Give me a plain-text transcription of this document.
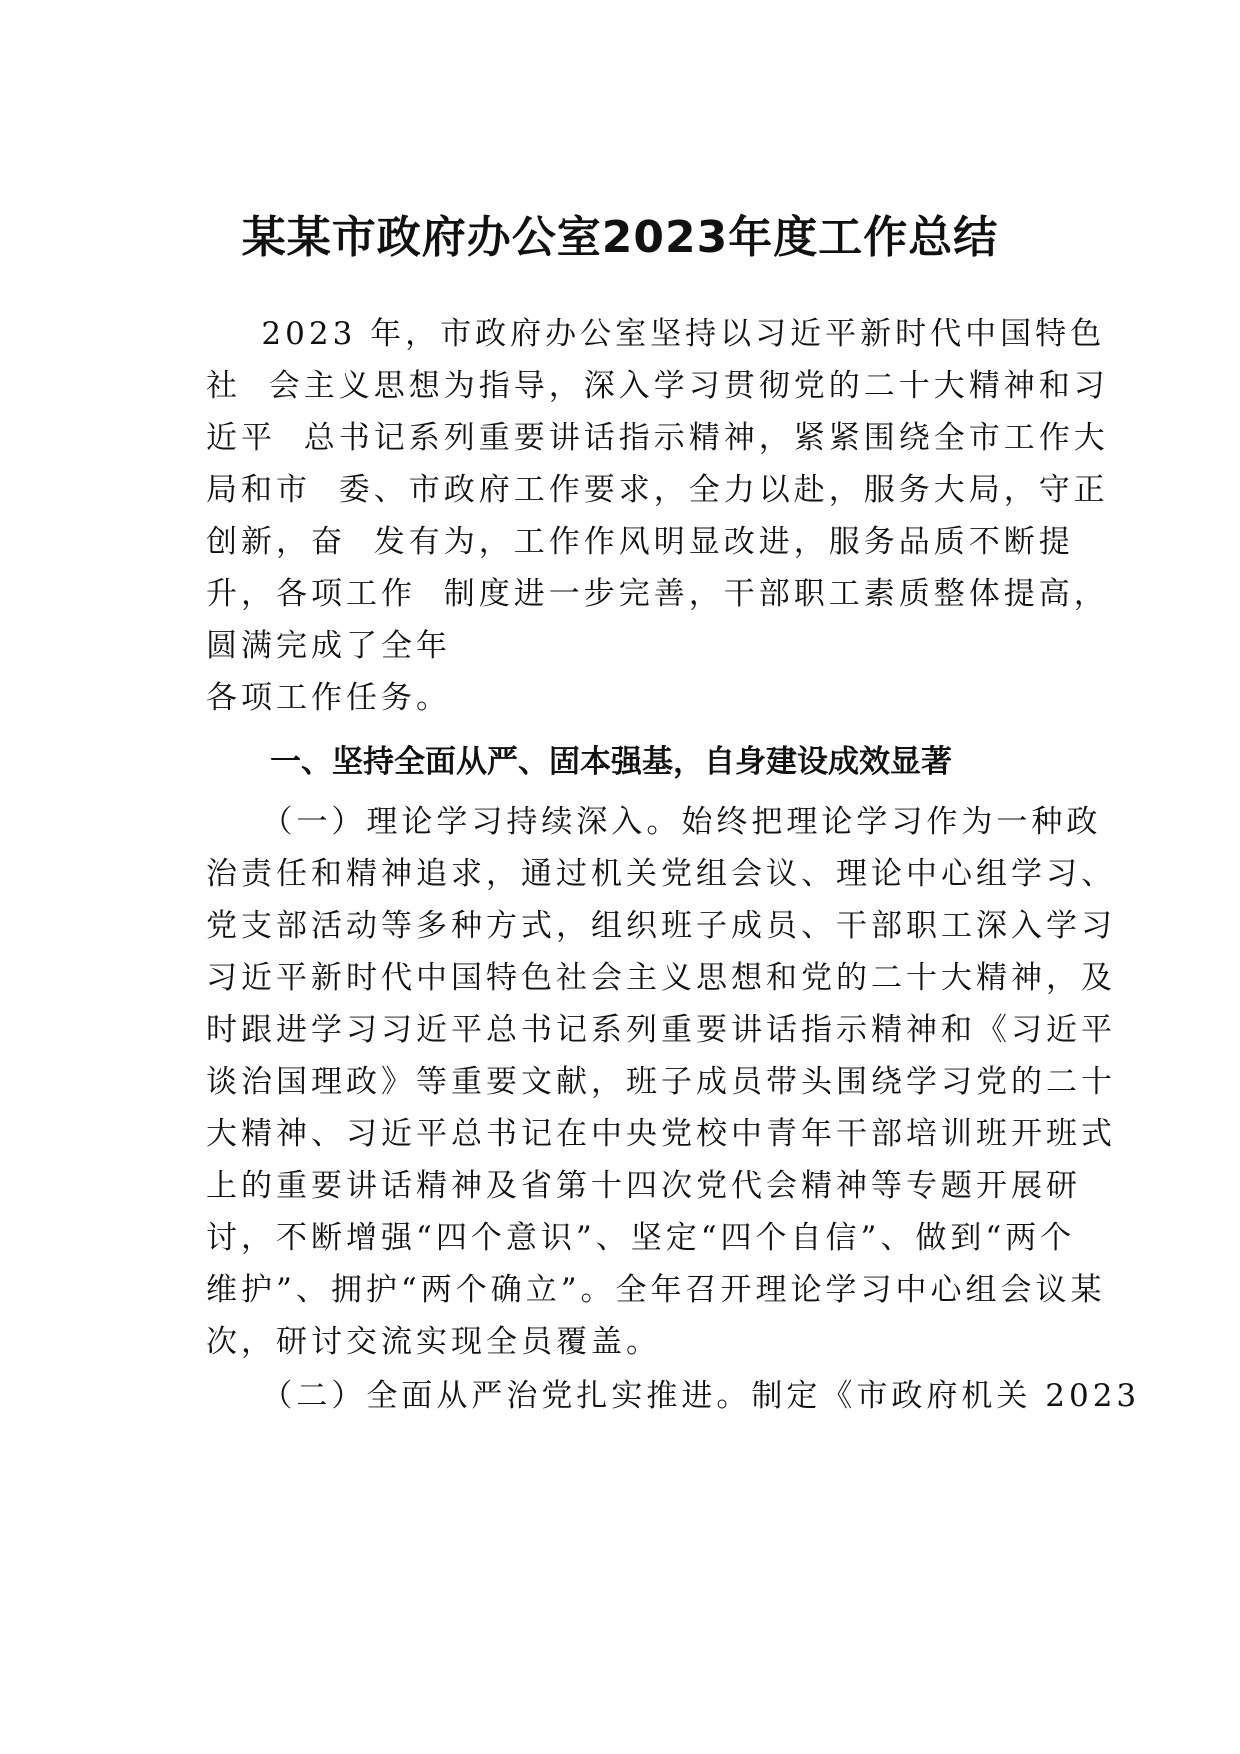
某某市政府办公室2023年度工作总结

2023 年，市政府办公室坚持以习近平新时代中国特色

社  会主义思想为指导，深入学习贯彻党的二十大精神和习

近平  总书记系列重要讲话指示精神，紧紧围绕全市工作大

局和市  委、市政府工作要求，全力以赴，服务大局，守正

创新，奋  发有为，工作作风明显改进，服务品质不断提

升，各项工作  制度进一步完善，干部职工素质整体提高，

圆满完成了全年

各项工作任务。

一、坚持全面从严、固本强基，自身建设成效显著

（一）理论学习持续深入。始终把理论学习作为一种政

治责任和精神追求，通过机关党组会议、理论中心组学习、

党支部活动等多种方式，组织班子成员、干部职工深入学习

习近平新时代中国特色社会主义思想和党的二十大精神，及

时跟进学习习近平总书记系列重要讲话指示精神和《习近平

谈治国理政》等重要文献，班子成员带头围绕学习党的二十

大精神、习近平总书记在中央党校中青年干部培训班开班式

上的重要讲话精神及省第十四次党代会精神等专题开展研

讨，不断增强“四个意识”、坚定“四个自信”、做到“两个

维护”、拥护“两个确立”。全年召开理论学习中心组会议某

次，研讨交流实现全员覆盖。

（二）全面从严治党扎实推进。制定《市政府机关 2023
